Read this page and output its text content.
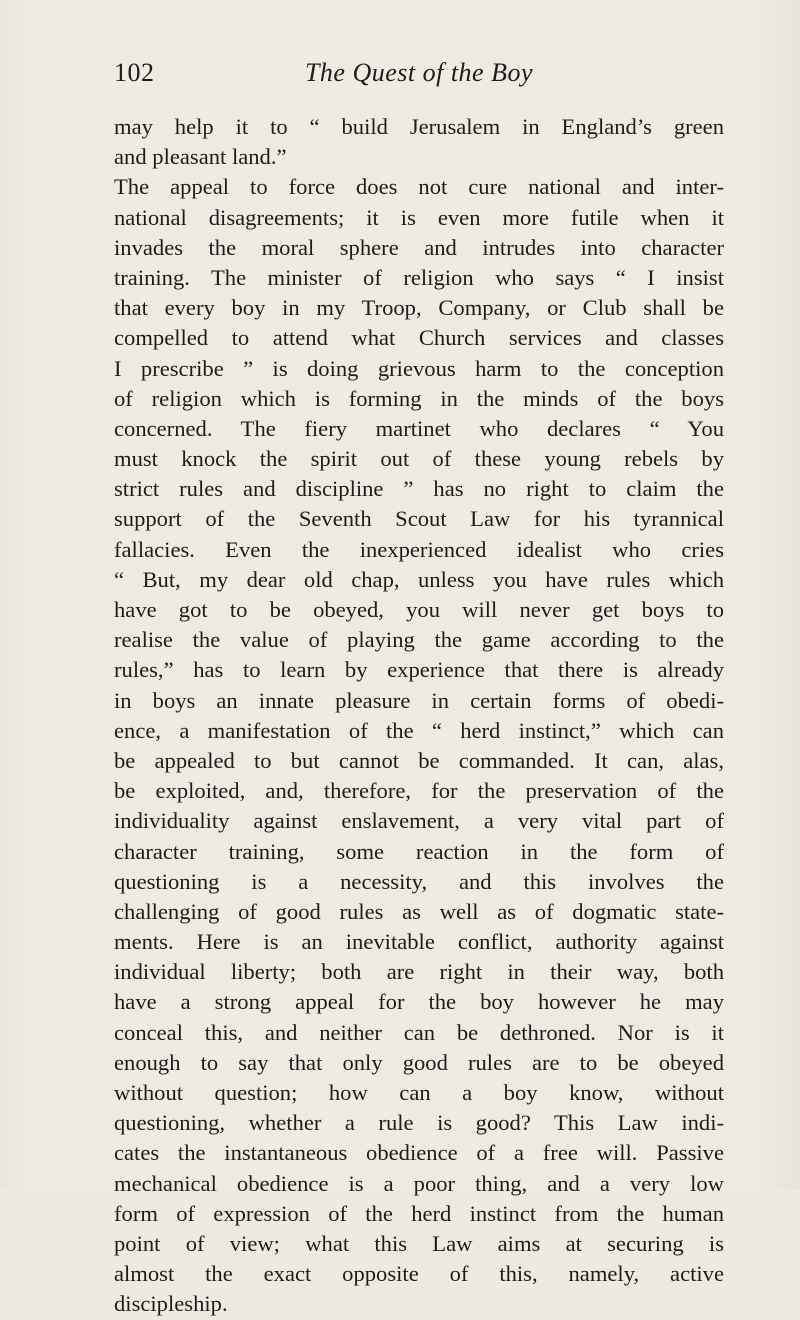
102	The Quest of the Boy
may help it to “ build Jerusalem in England’s green
and pleasant land.”
The appeal to force does not cure national and inter-
national disagreements; it is even more futile when it
invades the moral sphere and intrudes into character
training. The minister of religion who says “ I insist
that every boy in my Troop, Company, or Club shall be
compelled to attend what Church services and classes
I prescribe ” is doing grievous harm to the conception
of religion which is forming in the minds of the boys
concerned. The fiery martinet who declares “ You
must knock the spirit out of these young rebels by
strict rules and discipline ” has no right to claim the
support of the Seventh Scout Law for his tyrannical
fallacies. Even the inexperienced idealist who cries
“ But, my dear old chap, unless you have rules which
have got to be obeyed, you will never get boys to
realise the value of playing the game according to the
rules,” has to learn by experience that there is already
in boys an innate pleasure in certain forms of obedi-
ence, a manifestation of the “ herd instinct,” which can
be appealed to but cannot be commanded. It can, alas,
be exploited, and, therefore, for the preservation of the
individuality against enslavement, a very vital part of
character training, some reaction in the form of
questioning is a necessity, and this involves the
challenging of good rules as well as of dogmatic state-
ments. Here is an inevitable conflict, authority against
individual liberty; both are right in their way, both
have a strong appeal for the boy however he may
conceal this, and neither can be dethroned. Nor is it
enough to say that only good rules are to be obeyed
without question; how can a boy know, without
questioning, whether a rule is good? This Law indi-
cates the instantaneous obedience of a free will. Passive
mechanical obedience is a poor thing, and a very low
form of expression of the herd instinct from the human
point of view; what this Law aims at securing is
almost the exact opposite of this, namely, active
discipleship.
